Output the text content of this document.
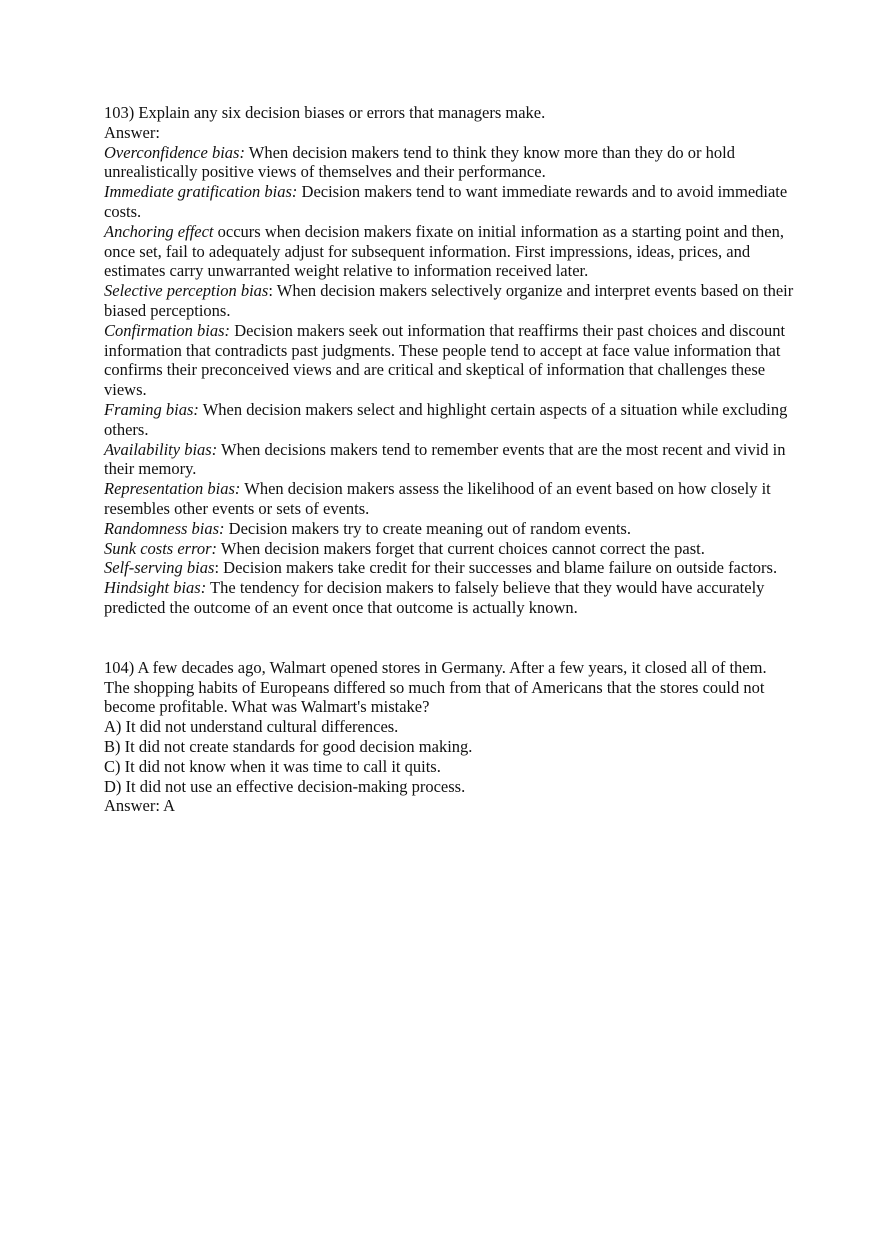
103) Explain any six decision biases or errors that managers make.

Answer:

Overconfidence bias: When decision makers tend to think they know more than they do or hold unrealistically positive views of themselves and their performance.

Immediate gratification bias: Decision makers tend to want immediate rewards and to avoid immediate costs.

Anchoring effect occurs when decision makers fixate on initial information as a starting point and then, once set, fail to adequately adjust for subsequent information. First impressions, ideas, prices, and estimates carry unwarranted weight relative to information received later.

Selective perception bias: When decision makers selectively organize and interpret events based on their biased perceptions.

Confirmation bias: Decision makers seek out information that reaffirms their past choices and discount information that contradicts past judgments. These people tend to accept at face value information that confirms their preconceived views and are critical and skeptical of information that challenges these views.

Framing bias: When decision makers select and highlight certain aspects of a situation while excluding others.

Availability bias: When decisions makers tend to remember events that are the most recent and vivid in their memory.

Representation bias: When decision makers assess the likelihood of an event based on how closely it resembles other events or sets of events.

Randomness bias: Decision makers try to create meaning out of random events.

Sunk costs error: When decision makers forget that current choices cannot correct the past.

Self-serving bias: Decision makers take credit for their successes and blame failure on outside factors.

Hindsight bias: The tendency for decision makers to falsely believe that they would have accurately predicted the outcome of an event once that outcome is actually known.

104) A few decades ago, Walmart opened stores in Germany. After a few years, it closed all of them. The shopping habits of Europeans differed so much from that of Americans that the stores could not become profitable. What was Walmart's mistake?

A) It did not understand cultural differences.

B) It did not create standards for good decision making.

C) It did not know when it was time to call it quits.

D) It did not use an effective decision-making process.

Answer: A
